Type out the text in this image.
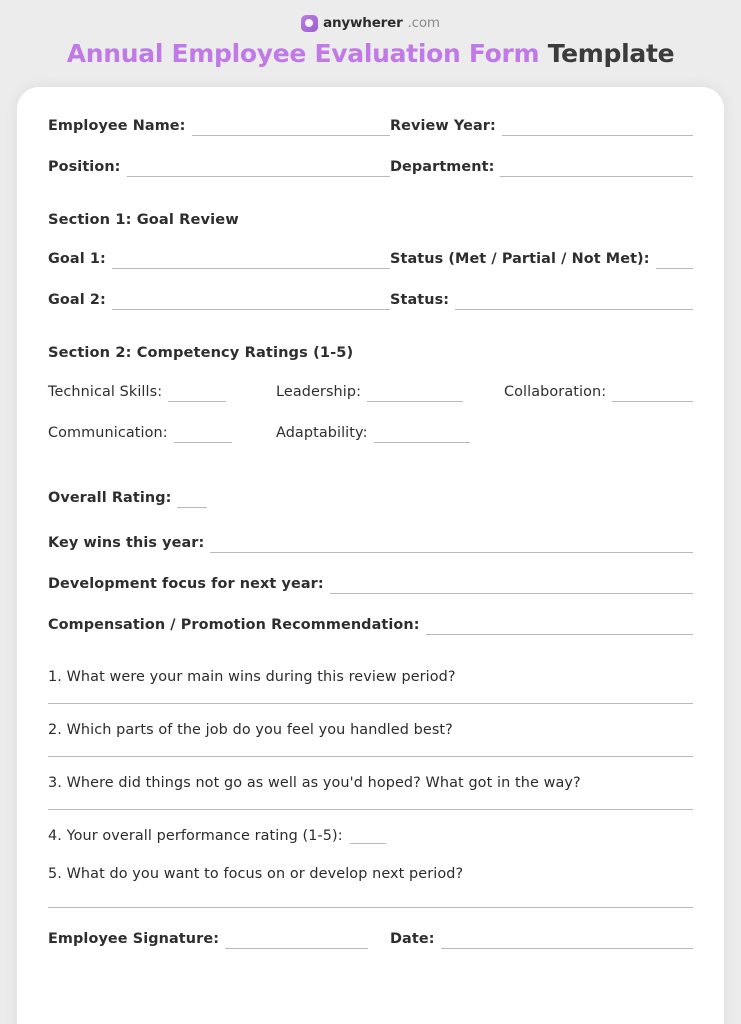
anywherer .com
Annual Employee Evaluation Form Template
Employee Name:	Review Year:
Position:	Department:
Section 1: Goal Review
Goal 1:	Status (Met / Partial / Not Met):
Goal 2:	Status:
Section 2: Competency Ratings (1-5)
Technical Skills:	Leadership:	Collaboration:
Communication:	Adaptability:
Overall Rating:
Key wins this year:
Development focus for next year:
Compensation / Promotion Recommendation:
1. What were your main wins during this review period?
2. Which parts of the job do you feel you handled best?
3. Where did things not go as well as you'd hoped? What got in the way?
4. Your overall performance rating (1-5):
5. What do you want to focus on or develop next period?
Employee Signature:	Date:
